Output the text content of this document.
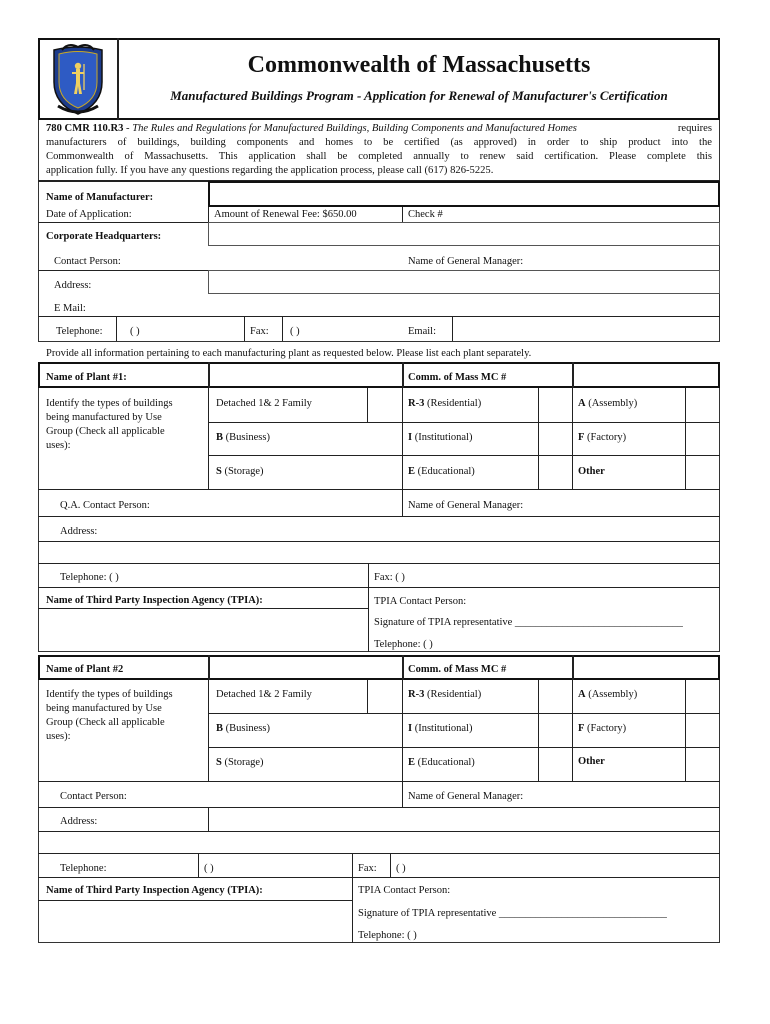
Commonwealth of Massachusetts
Manufactured Buildings Program - Application for Renewal of Manufacturer's Certification
780 CMR 110.R3 - The Rules and Regulations for Manufactured Buildings, Building Components and Manufactured Homes	requires
manufacturers of buildings, building components and homes to be certified (as approved) in order to ship product into the
Commonwealth of Massachusetts. This application shall be completed annually to renew said certification. Please complete this
application fully. If you have any questions regarding the application process, please call (617) 826-5225.
Name of Manufacturer:
Date of Application:	Amount of Renewal Fee: $650.00	Check #
Corporate Headquarters:
Contact Person:	Name of General Manager:
Address:
E Mail:
Telephone:	( )	Fax: ( )	Email:
Provide all information pertaining to each manufacturing plant as requested below. Please list each plant separately.
Name of Plant #1:	Comm. of Mass MC #
Identify the types of buildings
being manufactured by Use
Group (Check all applicable
uses):
Detached 1& 2 Family	R-3 (Residential)	A (Assembly)
B (Business)	I (Institutional)	F (Factory)
S (Storage)	E (Educational)	Other
Q.A. Contact Person:	Name of General Manager:
Address:
Telephone: ( )	Fax: ( )
Name of Third Party Inspection Agency (TPIA):	TPIA Contact Person:
Signature of TPIA representative ________________________________
Telephone: ( )
Name of Plant #2	Comm. of Mass MC #
Identify the types of buildings
being manufactured by Use
Group (Check all applicable
uses):
Detached 1& 2 Family	R-3 (Residential)	A (Assembly)
B (Business)	I (Institutional)	F (Factory)
S (Storage)	E (Educational)	Other
Contact Person:	Name of General Manager:
Address:
Telephone:	( )	Fax: ( )
Name of Third Party Inspection Agency (TPIA):	TPIA Contact Person:
Signature of TPIA representative ________________________________
Telephone: ( )
